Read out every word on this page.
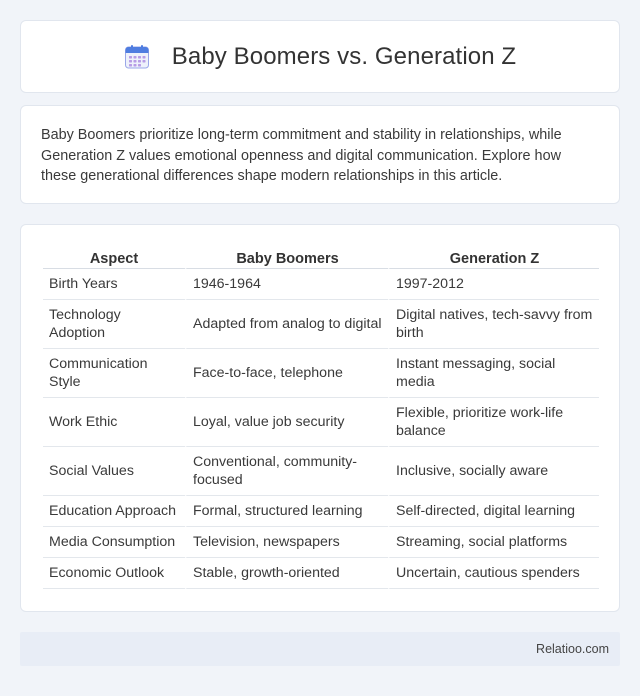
Baby Boomers vs. Generation Z

Baby Boomers prioritize long-term commitment and stability in relationships, while Generation Z values emotional openness and digital communication. Explore how these generational differences shape modern relationships in this article.

Aspect	Baby Boomers	Generation Z
Birth Years	1946-1964	1997-2012
Technology Adoption	Adapted from analog to digital	Digital natives, tech-savvy from birth
Communication Style	Face-to-face, telephone	Instant messaging, social media
Work Ethic	Loyal, value job security	Flexible, prioritize work-life balance
Social Values	Conventional, community-focused	Inclusive, socially aware
Education Approach	Formal, structured learning	Self-directed, digital learning
Media Consumption	Television, newspapers	Streaming, social platforms
Economic Outlook	Stable, growth-oriented	Uncertain, cautious spenders
Relatioo.com
